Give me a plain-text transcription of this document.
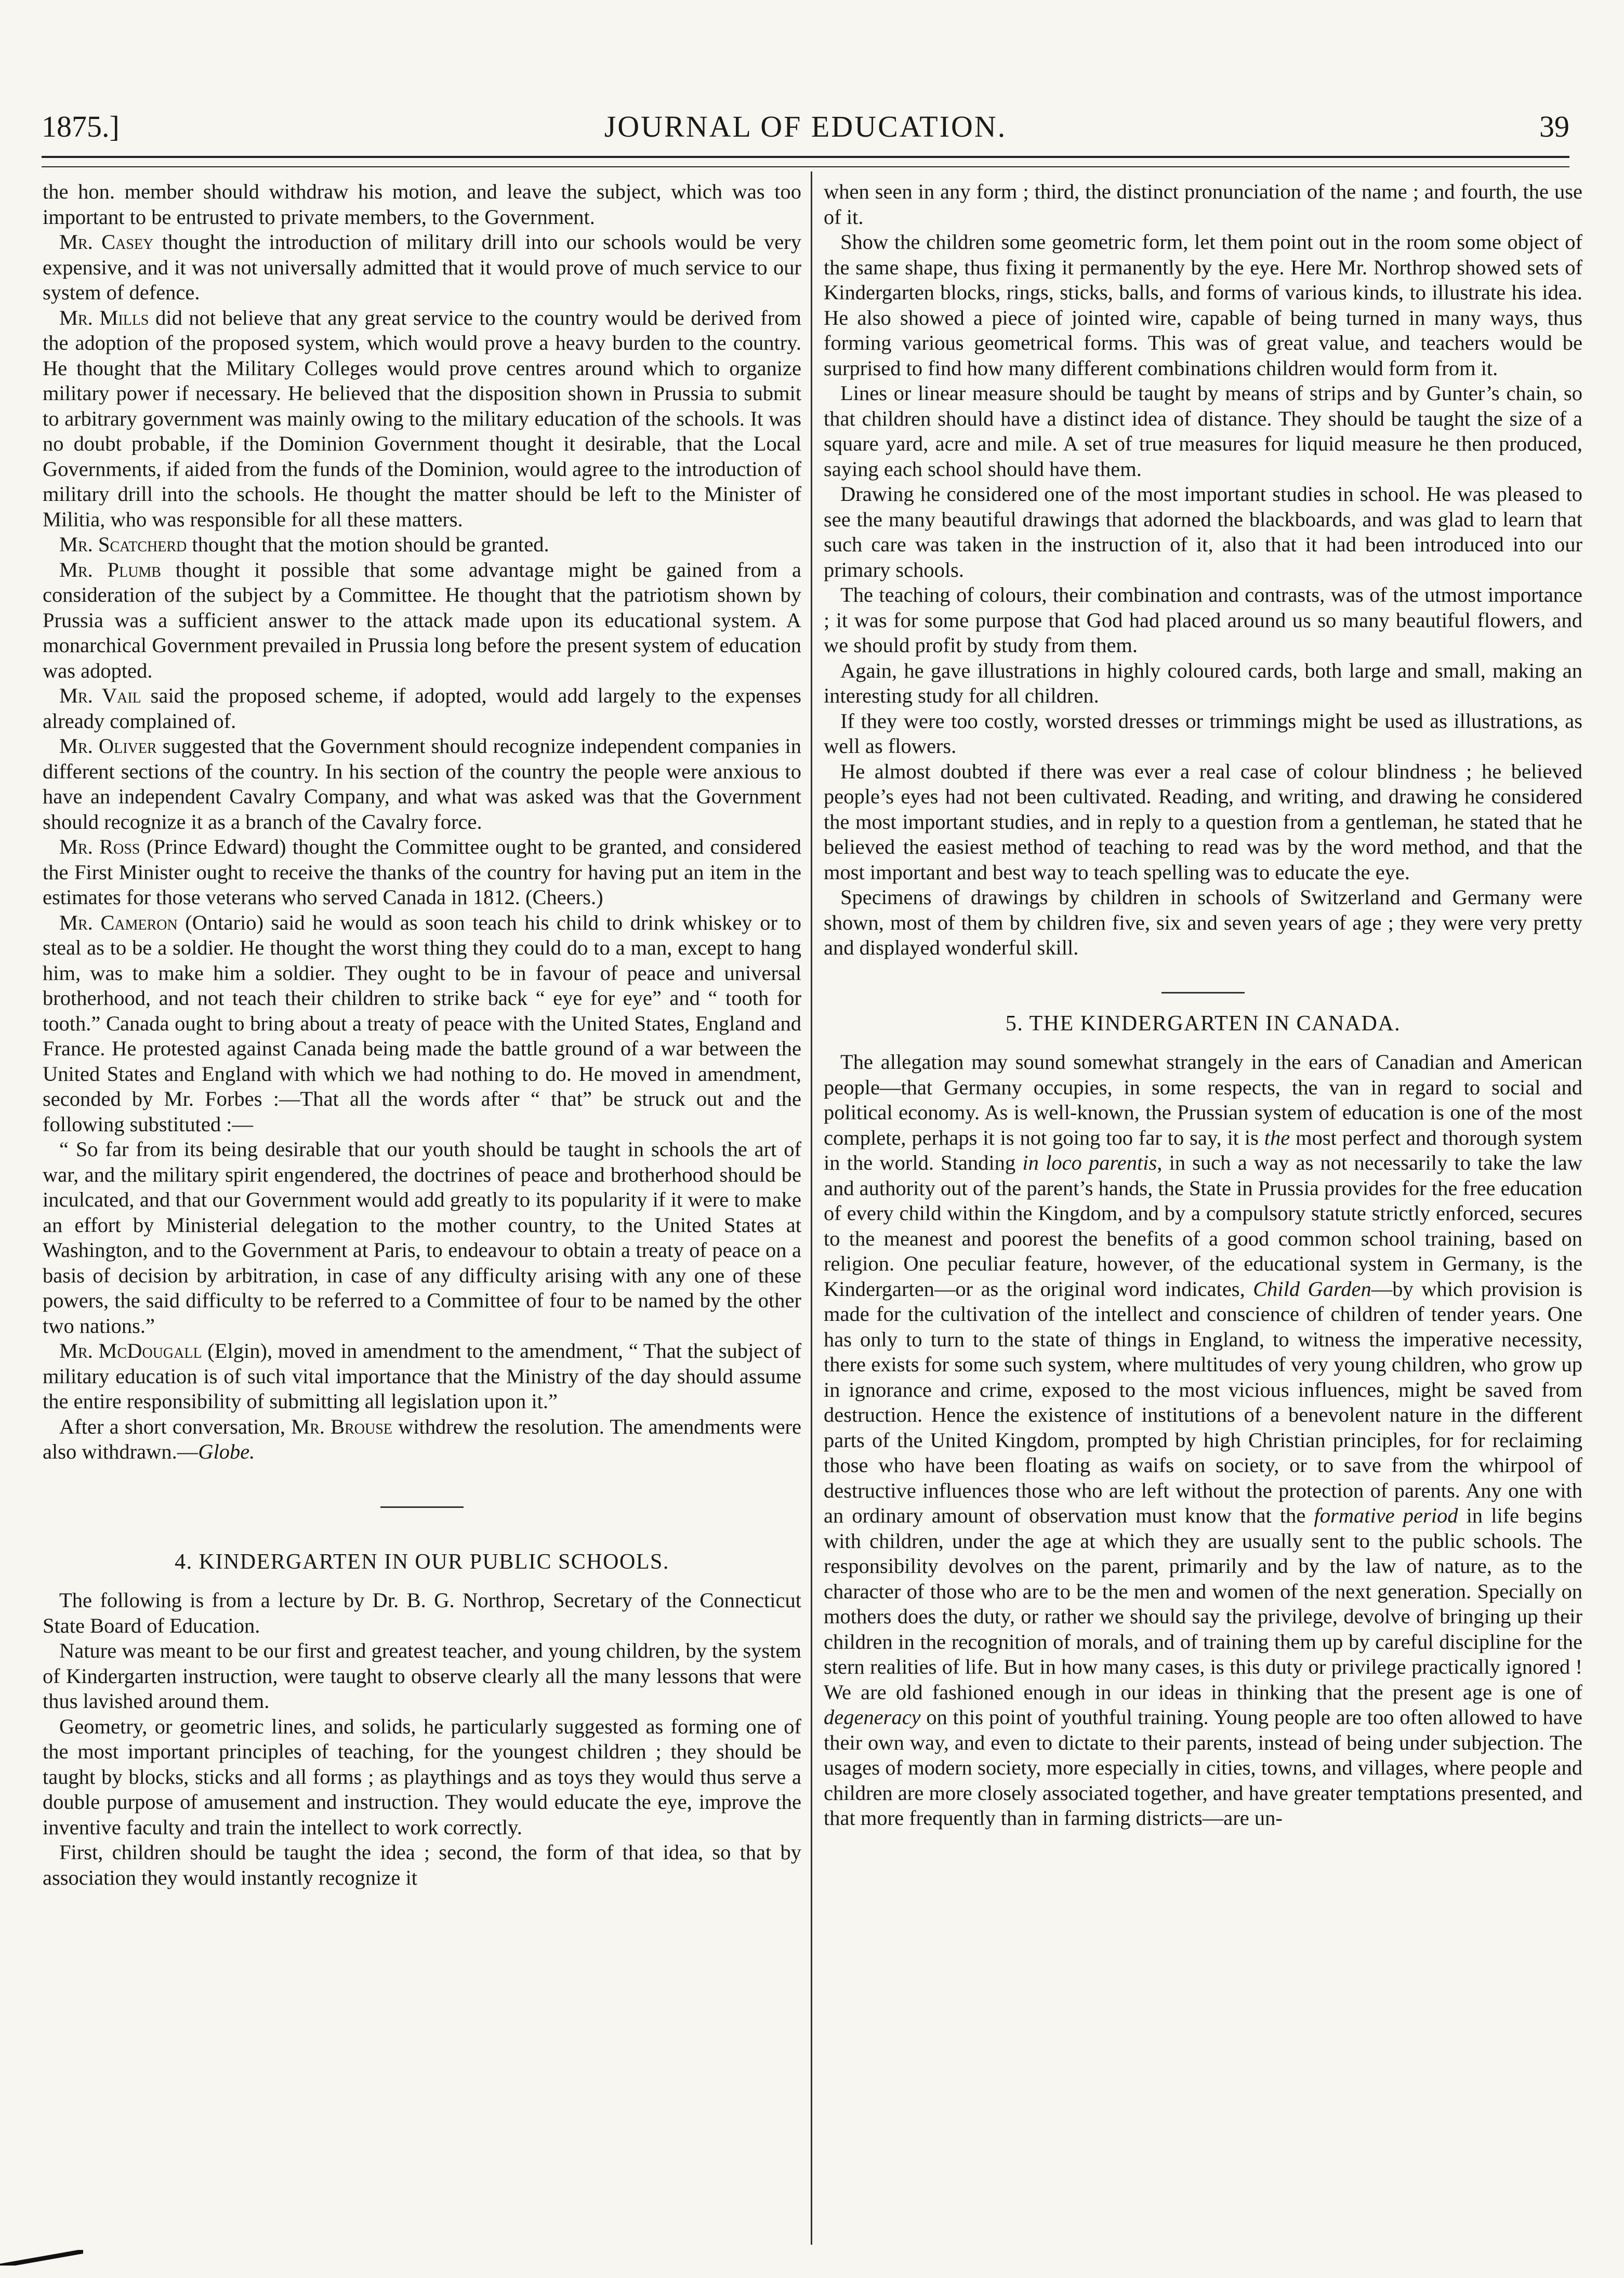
1875.]	JOURNAL OF EDUCATION.	39

the hon. member should withdraw his motion, and leave the subject, which was too important to be entrusted to private members, to the Government.

Mr. Casey thought the introduction of military drill into our schools would be very expensive, and it was not universally admitted that it would prove of much service to our system of defence.

Mr. Mills did not believe that any great service to the country would be derived from the adoption of the proposed system, which would prove a heavy burden to the country. He thought that the Military Colleges would prove centres around which to organize military power if necessary. He believed that the disposition shown in Prussia to submit to arbitrary government was mainly owing to the military education of the schools. It was no doubt probable, if the Dominion Government thought it desirable, that the Local Governments, if aided from the funds of the Dominion, would agree to the introduction of military drill into the schools. He thought the matter should be left to the Minister of Militia, who was responsible for all these matters.

Mr. Scatcherd thought that the motion should be granted.

Mr. Plumb thought it possible that some advantage might be gained from a consideration of the subject by a Committee. He thought that the patriotism shown by Prussia was a sufficient answer to the attack made upon its educational system. A monarchical Government prevailed in Prussia long before the present system of education was adopted.

Mr. Vail said the proposed scheme, if adopted, would add largely to the expenses already complained of.

Mr. Oliver suggested that the Government should recognize independent companies in different sections of the country. In his section of the country the people were anxious to have an independent Cavalry Company, and what was asked was that the Government should recognize it as a branch of the Cavalry force.

Mr. Ross (Prince Edward) thought the Committee ought to be granted, and considered the First Minister ought to receive the thanks of the country for having put an item in the estimates for those veterans who served Canada in 1812. (Cheers.)

Mr. Cameron (Ontario) said he would as soon teach his child to drink whiskey or to steal as to be a soldier. He thought the worst thing they could do to a man, except to hang him, was to make him a soldier. They ought to be in favour of peace and universal brotherhood, and not teach their children to strike back “ eye for eye” and “ tooth for tooth.” Canada ought to bring about a treaty of peace with the United States, England and France. He protested against Canada being made the battle ground of a war between the United States and England with which we had nothing to do. He moved in amendment, seconded by Mr. Forbes :—That all the words after “ that” be struck out and the following substituted :—

“ So far from its being desirable that our youth should be taught in schools the art of war, and the military spirit engendered, the doctrines of peace and brotherhood should be inculcated, and that our Government would add greatly to its popularity if it were to make an effort by Ministerial delegation to the mother country, to the United States at Washington, and to the Government at Paris, to endeavour to obtain a treaty of peace on a basis of decision by arbitration, in case of any difficulty arising with any one of these powers, the said difficulty to be referred to a Committee of four to be named by the other two nations.”

Mr. McDougall (Elgin), moved in amendment to the amendment, “ That the subject of military education is of such vital importance that the Ministry of the day should assume the entire responsibility of submitting all legislation upon it.”

After a short conversation, Mr. Brouse withdrew the resolution. The amendments were also withdrawn.—Globe.

4. KINDERGARTEN IN OUR PUBLIC SCHOOLS.

The following is from a lecture by Dr. B. G. Northrop, Secretary of the Connecticut State Board of Education.

Nature was meant to be our first and greatest teacher, and young children, by the system of Kindergarten instruction, were taught to observe clearly all the many lessons that were thus lavished around them.

Geometry, or geometric lines, and solids, he particularly suggested as forming one of the most important principles of teaching, for the youngest children ; they should be taught by blocks, sticks and all forms ; as playthings and as toys they would thus serve a double purpose of amusement and instruction. They would educate the eye, improve the inventive faculty and train the intellect to work correctly.

First, children should be taught the idea ; second, the form of that idea, so that by association they would instantly recognize it

when seen in any form ; third, the distinct pronunciation of the name ; and fourth, the use of it.

Show the children some geometric form, let them point out in the room some object of the same shape, thus fixing it permanently by the eye. Here Mr. Northrop showed sets of Kindergarten blocks, rings, sticks, balls, and forms of various kinds, to illustrate his idea. He also showed a piece of jointed wire, capable of being turned in many ways, thus forming various geometrical forms. This was of great value, and teachers would be surprised to find how many different combinations children would form from it.

Lines or linear measure should be taught by means of strips and by Gunter’s chain, so that children should have a distinct idea of distance. They should be taught the size of a square yard, acre and mile. A set of true measures for liquid measure he then produced, saying each school should have them.

Drawing he considered one of the most important studies in school. He was pleased to see the many beautiful drawings that adorned the blackboards, and was glad to learn that such care was taken in the instruction of it, also that it had been introduced into our primary schools.

The teaching of colours, their combination and contrasts, was of the utmost importance ; it was for some purpose that God had placed around us so many beautiful flowers, and we should profit by study from them.

Again, he gave illustrations in highly coloured cards, both large and small, making an interesting study for all children.

If they were too costly, worsted dresses or trimmings might be used as illustrations, as well as flowers.

He almost doubted if there was ever a real case of colour blindness ; he believed people’s eyes had not been cultivated. Reading, and writing, and drawing he considered the most important studies, and in reply to a question from a gentleman, he stated that he believed the easiest method of teaching to read was by the word method, and that the most important and best way to teach spelling was to educate the eye.

Specimens of drawings by children in schools of Switzerland and Germany were shown, most of them by children five, six and seven years of age ; they were very pretty and displayed wonderful skill.

5. THE KINDERGARTEN IN CANADA.

The allegation may sound somewhat strangely in the ears of Canadian and American people—that Germany occupies, in some respects, the van in regard to social and political economy. As is well-known, the Prussian system of education is one of the most complete, perhaps it is not going too far to say, it is the most perfect and thorough system in the world. Standing in loco parentis, in such a way as not necessarily to take the law and authority out of the parent’s hands, the State in Prussia provides for the free education of every child within the Kingdom, and by a compulsory statute strictly enforced, secures to the meanest and poorest the benefits of a good common school training, based on religion. One peculiar feature, however, of the educational system in Germany, is the Kindergarten—or as the original word indicates, Child Garden—by which provision is made for the cultivation of the intellect and conscience of children of tender years. One has only to turn to the state of things in England, to witness the imperative necessity, there exists for some such system, where multitudes of very young children, who grow up in ignorance and crime, exposed to the most vicious influences, might be saved from destruction. Hence the existence of institutions of a benevolent nature in the different parts of the United Kingdom, prompted by high Christian principles, for for reclaiming those who have been floating as waifs on society, or to save from the whirpool of destructive influences those who are left without the protection of parents. Any one with an ordinary amount of observation must know that the formative period in life begins with children, under the age at which they are usually sent to the public schools. The responsibility devolves on the parent, primarily and by the law of nature, as to the character of those who are to be the men and women of the next generation. Specially on mothers does the duty, or rather we should say the privilege, devolve of bringing up their children in the recognition of morals, and of training them up by careful discipline for the stern realities of life. But in how many cases, is this duty or privilege practically ignored ! We are old fashioned enough in our ideas in thinking that the present age is one of degeneracy on this point of youthful training. Young people are too often allowed to have their own way, and even to dictate to their parents, instead of being under subjection. The usages of modern society, more especially in cities, towns, and villages, where people and children are more closely associated together, and have greater temptations presented, and that more frequently than in farming districts—are un-
